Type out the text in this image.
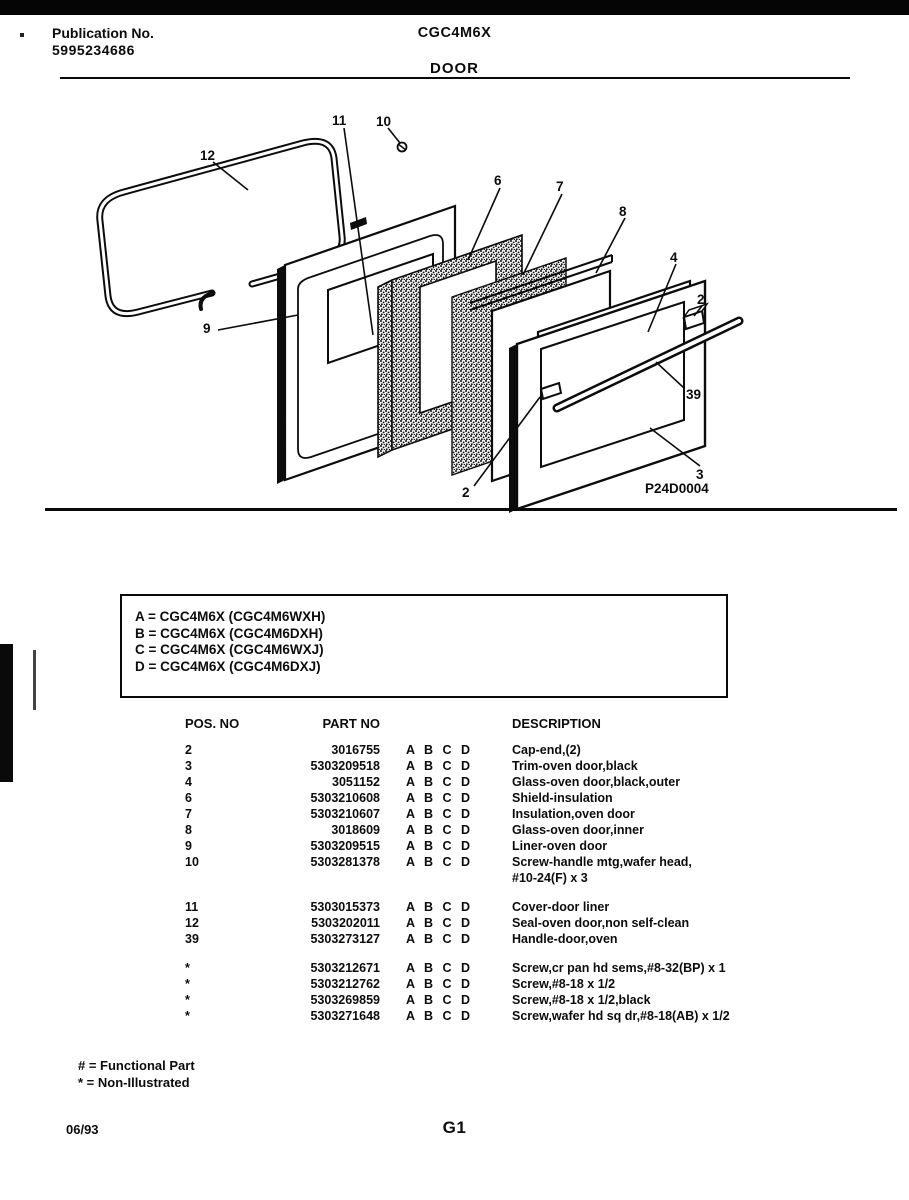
Publication No.
5995234686
CGC4M6X
DOOR
12
11 10
9
6	7
8
4
2
39
3
2	P24D0004
A = CGC4M6X (CGC4M6WXH)
B = CGC4M6X (CGC4M6DXH)
C = CGC4M6X (CGC4M6WXJ)
D = CGC4M6X (CGC4M6DXJ)
POS. NO	PART NO	DESCRIPTION
2	3016755	A B C D	Cap-end,(2)
3	5303209518	A B C D	Trim-oven door,black
4	3051152	A B C D	Glass-oven door,black,outer
6	5303210608	A B C D	Shield-insulation
7	5303210607	A B C D	Insulation,oven door
8	3018609	A B C D	Glass-oven door,inner
9	5303209515	A B C D	Liner-oven door
10	5303281378	A B C D	Screw-handle mtg,wafer head,
#10-24(F) x 3
11	5303015373	A B C D	Cover-door liner
12	5303202011	A B C D	Seal-oven door,non self-clean
39	5303273127	A B C D	Handle-door,oven
*	5303212671	A B C D	Screw,cr pan hd sems,#8-32(BP) x 1
*	5303212762	A B C D	Screw,#8-18 x 1/2
*	5303269859	A B C D	Screw,#8-18 x 1/2,black
*	5303271648	A B C D	Screw,wafer hd sq dr,#8-18(AB) x 1/2
# = Functional Part
* = Non-Illustrated
06/93	G1
